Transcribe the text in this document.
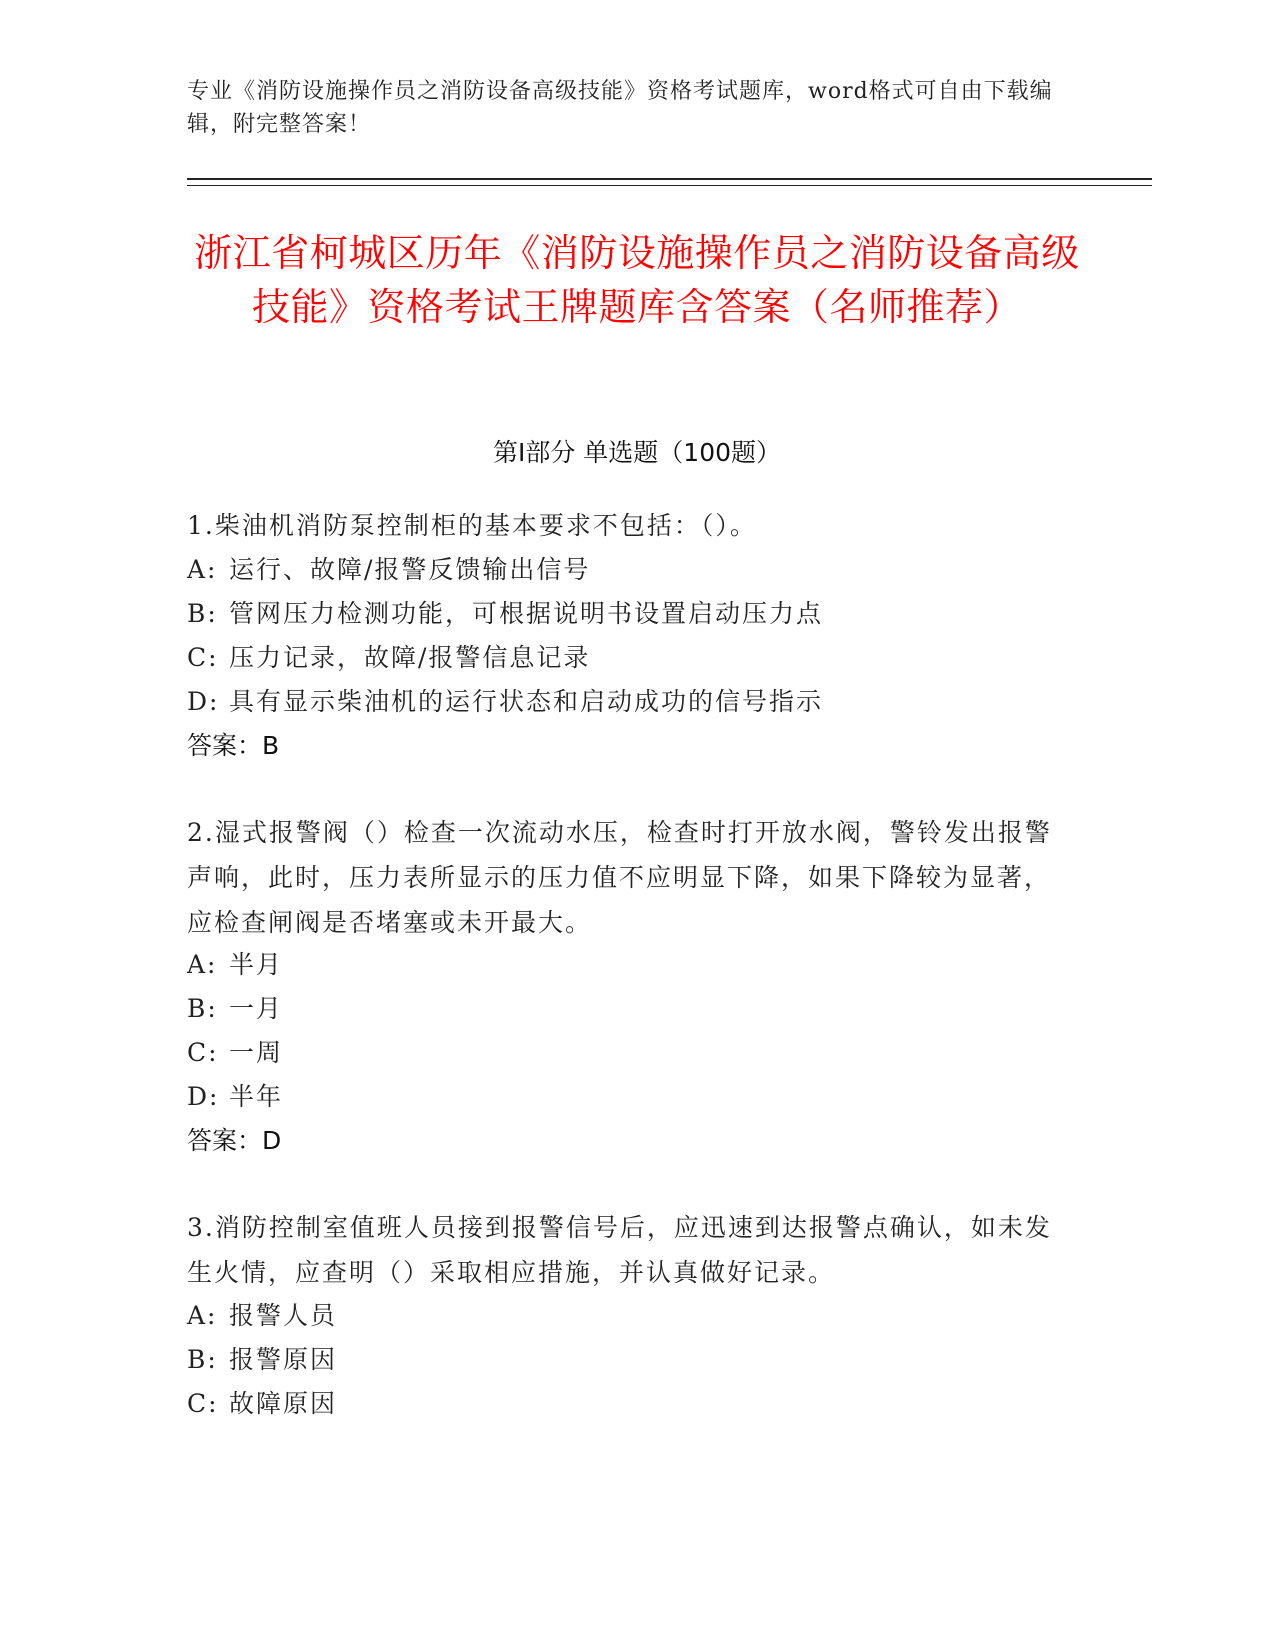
专业《消防设施操作员之消防设备高级技能》资格考试题库，word格式可自由下载编辑，附完整答案！
浙江省柯城区历年《消防设施操作员之消防设备高级技能》资格考试王牌题库含答案（名师推荐）
第I部分 单选题（100题）
1.柴油机消防泵控制柜的基本要求不包括：（）。
A: 运行、故障/报警反馈输出信号
B: 管网压力检测功能，可根据说明书设置启动压力点
C: 压力记录，故障/报警信息记录
D: 具有显示柴油机的运行状态和启动成功的信号指示
答案：B
2.湿式报警阀（）检查一次流动水压，检查时打开放水阀，警铃发出报警声响，此时，压力表所显示的压力值不应明显下降，如果下降较为显著，应检查闸阀是否堵塞或未开最大。
A: 半月
B: 一月
C: 一周
D: 半年
答案：D
3.消防控制室值班人员接到报警信号后，应迅速到达报警点确认，如未发生火情，应查明（）采取相应措施，并认真做好记录。
A: 报警人员
B: 报警原因
C: 故障原因
